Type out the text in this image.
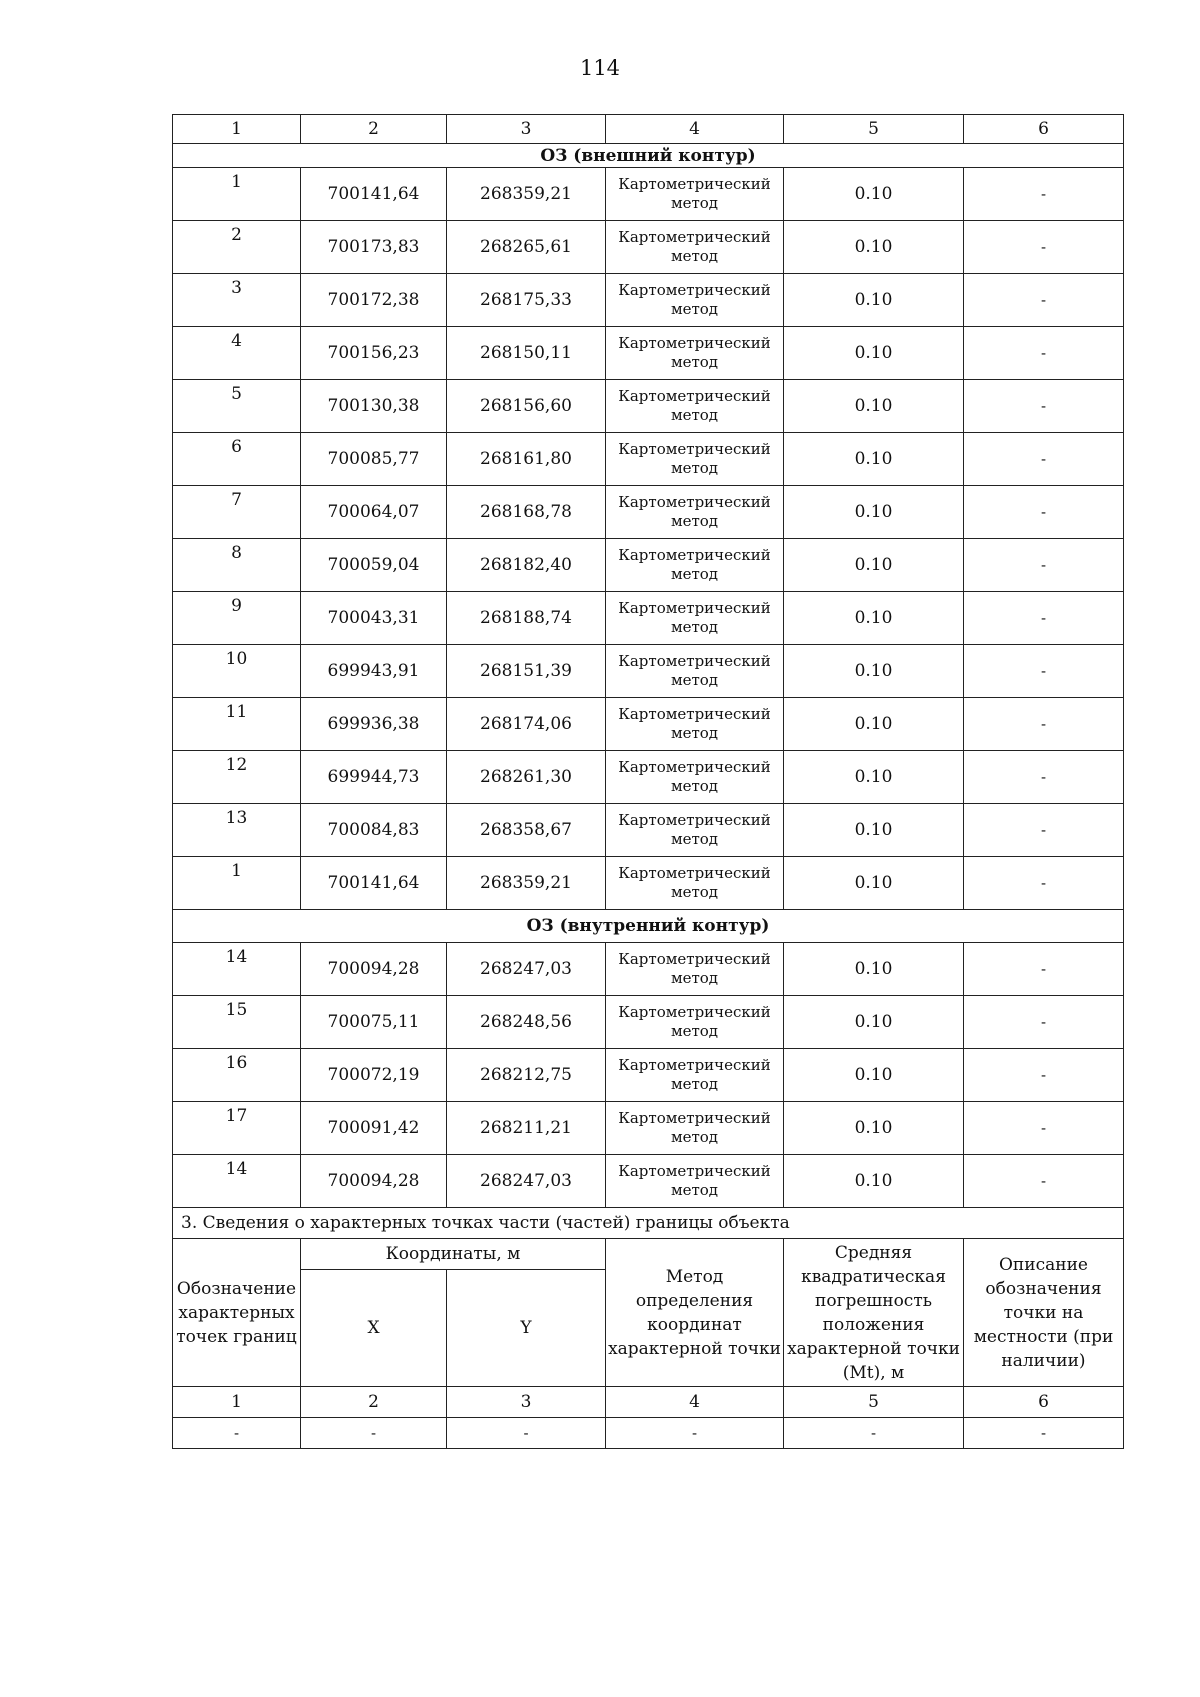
114
1	2	3	4	5	6
ОЗ (внешний контур)					
1	700141,64	268359,21	Картометрический метод	0.10	-
2	700173,83	268265,61	Картометрический метод	0.10	-
3	700172,38	268175,33	Картометрический метод	0.10	-
4	700156,23	268150,11	Картометрический метод	0.10	-
5	700130,38	268156,60	Картометрический метод	0.10	-
6	700085,77	268161,80	Картометрический метод	0.10	-
7	700064,07	268168,78	Картометрический метод	0.10	-
8	700059,04	268182,40	Картометрический метод	0.10	-
9	700043,31	268188,74	Картометрический метод	0.10	-
10	699943,91	268151,39	Картометрический метод	0.10	-
11	699936,38	268174,06	Картометрический метод	0.10	-
12	699944,73	268261,30	Картометрический метод	0.10	-
13	700084,83	268358,67	Картометрический метод	0.10	-
1	700141,64	268359,21	Картометрический метод	0.10	-
ОЗ (внутренний контур)					
14	700094,28	268247,03	Картометрический метод	0.10	-
15	700075,11	268248,56	Картометрический метод	0.10	-
16	700072,19	268212,75	Картометрический метод	0.10	-
17	700091,42	268211,21	Картометрический метод	0.10	-
14	700094,28	268247,03	Картометрический метод	0.10	-
3. Сведения о характерных точках части (частей) границы объекта					
Обозначение характерных точек границ	Координаты, м		Метод определения координат характерной точки	Средняя квадратическая погрешность положения характерной точки (Mt), м	Описание обозначения точки на местности (при наличии)
	X	Y			
1	2	3	4	5	6
-	-	-	-	-	-
